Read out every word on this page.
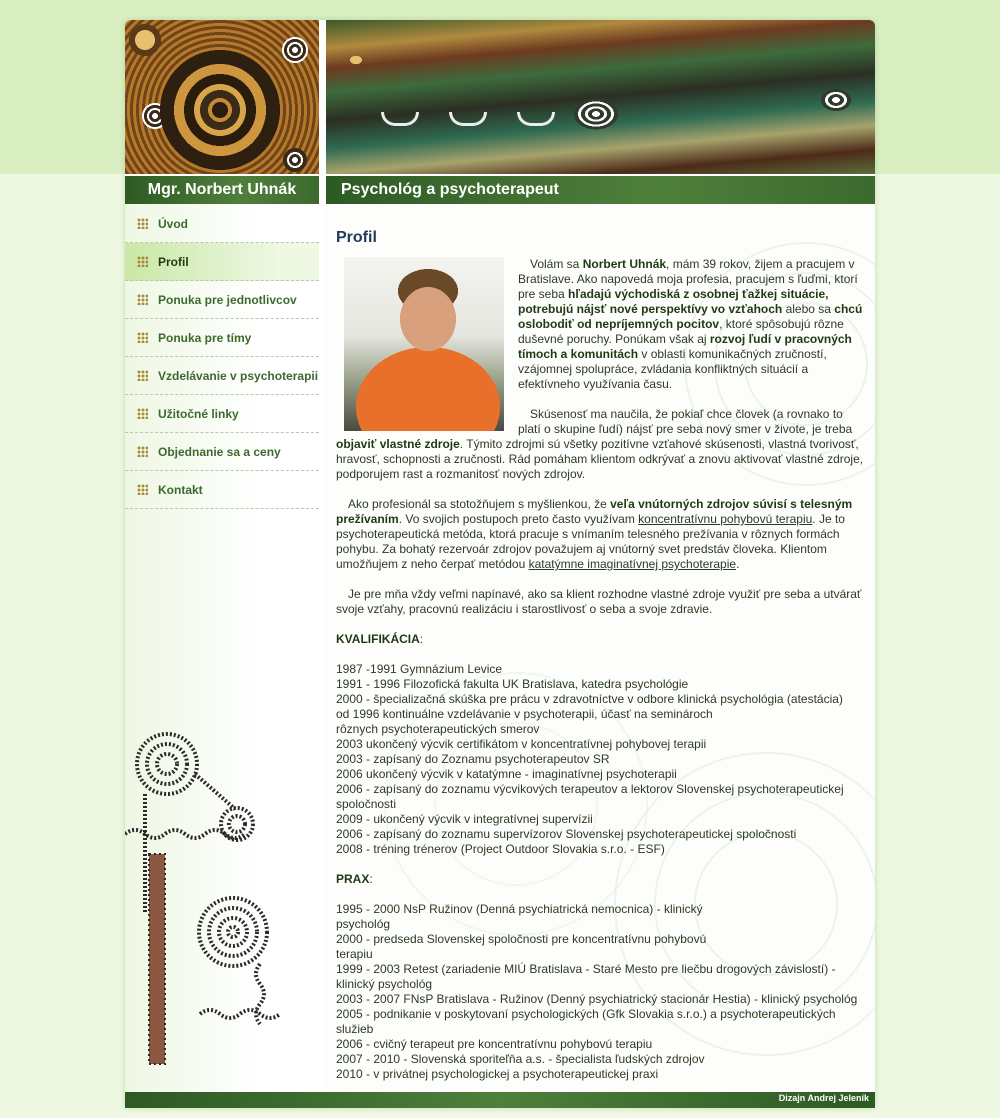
Mgr. Norbert Uhnák	Psychológ a psychoterapeut
Úvod
Profil
Ponuka pre jednotlivcov
Ponuka pre tímy
Vzdelávanie v psychoterapii
Užitočné linky
Objednanie sa a ceny
Kontakt
Profil

Volám sa Norbert Uhnák, mám 39 rokov, žijem a pracujem v Bratislave. Ako napovedá moja profesia, pracujem s ľuďmi, ktorí pre seba hľadajú východiská z osobnej ťažkej situácie, potrebujú nájsť nové perspektívy vo vzťahoch alebo sa chcú oslobodiť od nepríjemných pocitov, ktoré spôsobujú rôzne duševné poruchy. Ponúkam však aj rozvoj ľudí v pracovných tímoch a komunitách v oblasti komunikačných zručností, vzájomnej spolupráce, zvládania konfliktných situácií a efektívneho využívania času.

Skúsenosť ma naučila, že pokiaľ chce človek (a rovnako to platí o skupine ľudí) nájsť pre seba nový smer v živote, je treba objaviť vlastné zdroje. Týmito zdrojmi sú všetky pozitívne vzťahové skúsenosti, vlastná tvorivosť, hravosť, schopnosti a zručnosti. Rád pomáham klientom odkrývať a znovu aktivovať vlastné zdroje, podporujem rast a rozmanitosť nových zdrojov.

Ako profesionál sa stotožňujem s myšlienkou, že veľa vnútorných zdrojov súvisí s telesným prežívaním. Vo svojich postupoch preto často využívam koncentratívnu pohybovú terapiu. Je to psychoterapeutická metóda, ktorá pracuje s vnímaním telesného prežívania v rôznych formách pohybu. Za bohatý rezervoár zdrojov považujem aj vnútorný svet predstáv človeka. Klientom umožňujem z neho čerpať metódou katatýmne imaginatívnej psychoterapie.

Je pre mňa vždy veľmi napínavé, ako sa klient rozhodne vlastné zdroje využiť pre seba a utvárať svoje vzťahy, pracovnú realizáciu i starostlivosť o seba a svoje zdravie.

KVALIFIKÁCIA:

1987 -1991 Gymnázium Levice
1991 - 1996 Filozofická fakulta UK Bratislava, katedra psychológie
2000 - špecializačná skúška pre prácu v zdravotníctve v odbore klinická psychológia (atestácia)
od 1996 kontinuálne vzdelávanie v psychoterapii, účasť na seminároch rôznych psychoterapeutických smerov
2003 ukončený výcvik certifikátom v koncentratívnej pohybovej terapii
2003 - zapísaný do Zoznamu psychoterapeutov SR
2006 ukončený výcvik v katatýmne - imaginatívnej psychoterapii
2006 - zapísaný do zoznamu výcvikových terapeutov a lektorov Slovenskej psychoterapeutickej spoločnosti
2009 - ukončený výcvik v integratívnej supervízii
2006 - zapísaný do zoznamu supervízorov Slovenskej psychoterapeutickej spoločnosti
2008 - tréning trénerov (Project Outdoor Slovakia s.r.o. - ESF)

PRAX:

1995 - 2000 NsP Ružinov (Denná psychiatrická nemocnica) - klinický psychológ
2000 - predseda Slovenskej spoločnosti pre koncentratívnu pohybovú terapiu
1999 - 2003 Retest (zariadenie MIÚ Bratislava - Staré Mesto pre liečbu drogových závislostí) - klinický psychológ
2003 - 2007 FNsP Bratislava - Ružinov (Denný psychiatrický stacionár Hestia) - klinický psychológ
2005 - podnikanie v poskytovaní psychologických (Gfk Slovakia s.r.o.) a psychoterapeutických služieb
2006 - cvičný terapeut pre koncentratívnu pohybovú terapiu
2007 - 2010 - Slovenská sporiteľňa a.s. - špecialista ľudských zdrojov
2010 - v privátnej psychologickej a psychoterapeutickej praxi
Dizajn Andrej Jeleník
